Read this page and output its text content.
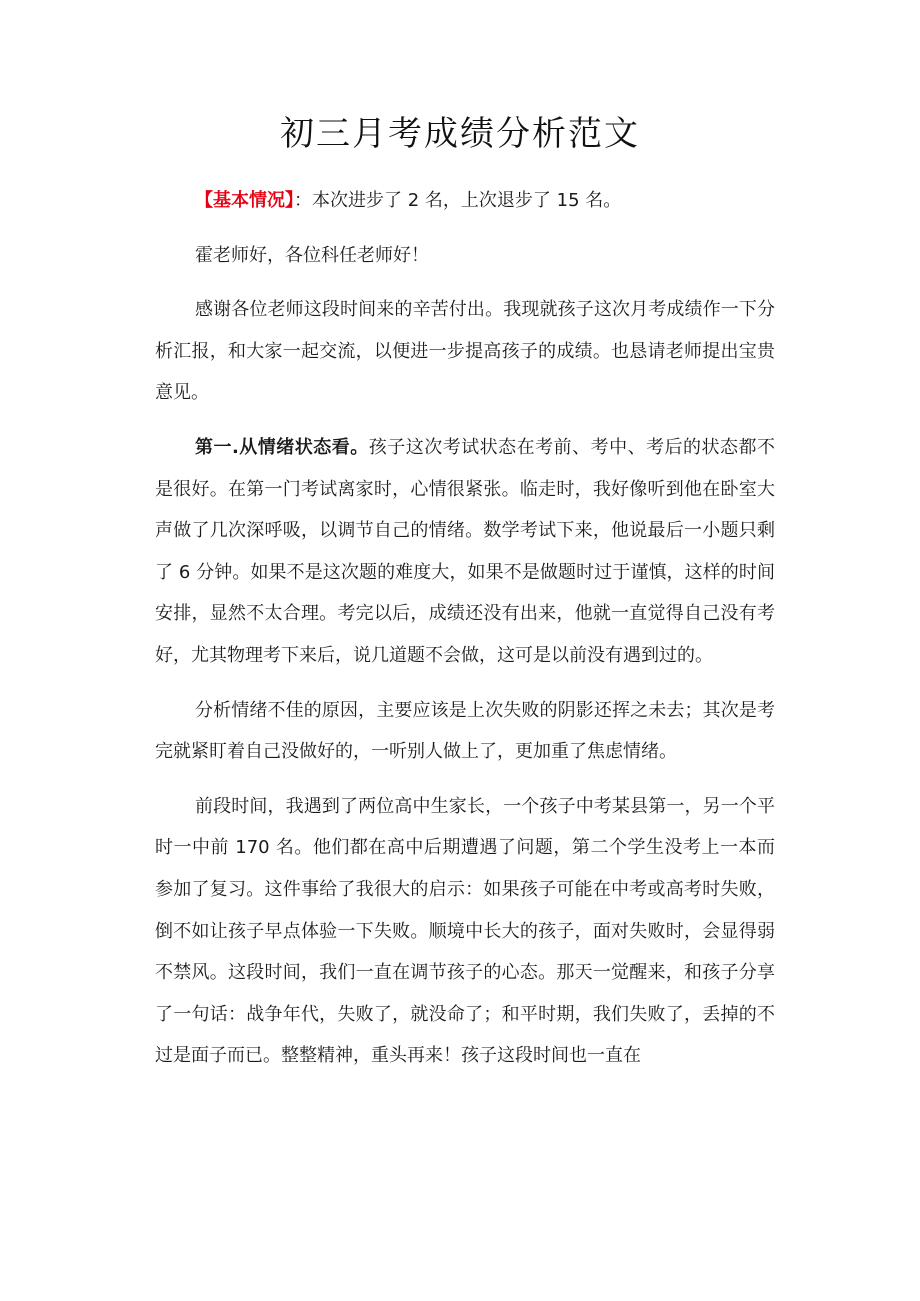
初三月考成绩分析范文

【基本情况】：本次进步了 2 名，上次退步了 15 名。

霍老师好，各位科任老师好！

感谢各位老师这段时间来的辛苦付出。我现就孩子这次月考成绩作一下分析汇报，和大家一起交流，以便进一步提高孩子的成绩。也恳请老师提出宝贵意见。

第一.从情绪状态看。孩子这次考试状态在考前、考中、考后的状态都不是很好。在第一门考试离家时，心情很紧张。临走时，我好像听到他在卧室大声做了几次深呼吸，以调节自己的情绪。数学考试下来，他说最后一小题只剩了 6 分钟。如果不是这次题的难度大，如果不是做题时过于谨慎，这样的时间安排，显然不太合理。考完以后，成绩还没有出来，他就一直觉得自己没有考好，尤其物理考下来后，说几道题不会做，这可是以前没有遇到过的。

分析情绪不佳的原因，主要应该是上次失败的阴影还挥之未去；其次是考完就紧盯着自己没做好的，一听别人做上了，更加重了焦虑情绪。

前段时间，我遇到了两位高中生家长，一个孩子中考某县第一，另一个平时一中前 170 名。他们都在高中后期遭遇了问题，第二个学生没考上一本而参加了复习。这件事给了我很大的启示：如果孩子可能在中考或高考时失败，倒不如让孩子早点体验一下失败。顺境中长大的孩子，面对失败时，会显得弱不禁风。这段时间，我们一直在调节孩子的心态。那天一觉醒来，和孩子分享了一句话：战争年代，失败了，就没命了；和平时期，我们失败了，丢掉的不过是面子而已。整整精神，重头再来！孩子这段时间也一直在
